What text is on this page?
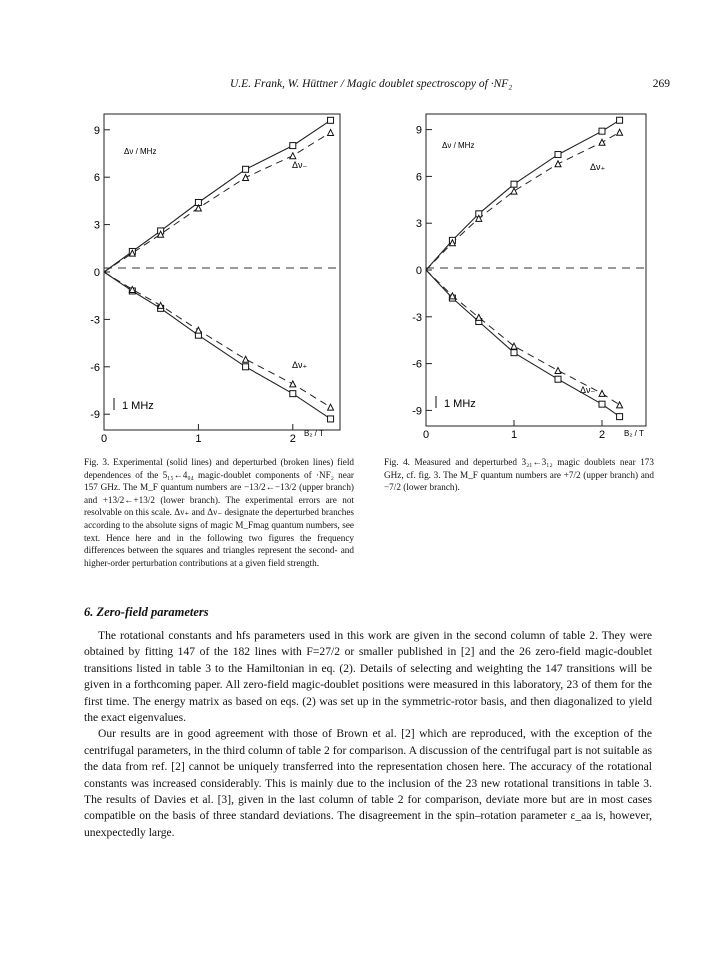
U.E. Frank, W. Hüttner / Magic doublet spectroscopy of ·NF₂	269
9
6
3
0
-3
-6
-9
0	1	2
Δν / MHz
B₂ / T
Δν₋
Δν₊
1 MHz
9
6
3
0
-3
-6
-9
0	1	2
Δν / MHz
B₂ / T
Δν₊
Δν₋
1 MHz
Fig. 3. Experimental (solid lines) and deperturbed (broken lines) field dependences of the 5₁₅←4₀₄ magic-doublet components of ·NF₂ near 157 GHz. The M_F quantum numbers are −13/2←−13/2 (upper branch) and +13/2←+13/2 (lower branch). The experimental errors are not resolvable on this scale. Δν₊ and Δν₋ designate the deperturbed branches according to the absolute signs of magic M_Fmag quantum numbers, see text. Hence here and in the following two figures the frequency differences between the squares and triangles represent the second- and higher-order perturbation contributions at a given field strength.
Fig. 4. Measured and deperturbed 3₂₁←3₁₂ magic doublets near 173 GHz, cf. fig. 3. The M_F quantum numbers are +7/2 (upper branch) and −7/2 (lower branch).
6. Zero-field parameters

The rotational constants and hfs parameters used in this work are given in the second column of table 2. They were obtained by fitting 147 of the 182 lines with F=27/2 or smaller published in [2] and the 26 zero-field magic-doublet transitions listed in table 3 to the Hamiltonian in eq. (2). Details of selecting and weighting the 147 transitions will be given in a forthcoming paper. All zero-field magic-doublet positions were measured in this laboratory, 23 of them for the first time. The energy matrix as based on eqs. (2) was set up in the symmetric-rotor basis, and then diagonalized to yield the exact eigenvalues.

Our results are in good agreement with those of Brown et al. [2] which are reproduced, with the exception of the centrifugal parameters, in the third column of table 2 for comparison. A discussion of the centrifugal part is not suitable as the data from ref. [2] cannot be uniquely transferred into the representation chosen here. The accuracy of the rotational constants was increased considerably. This is mainly due to the inclusion of the 23 new rotational transitions in table 3. The results of Davies et al. [3], given in the last column of table 2 for comparison, deviate more but are in most cases compatible on the basis of three standard deviations. The disagreement in the spin–rotation parameter ε_aa is, however, unexpectedly large.
